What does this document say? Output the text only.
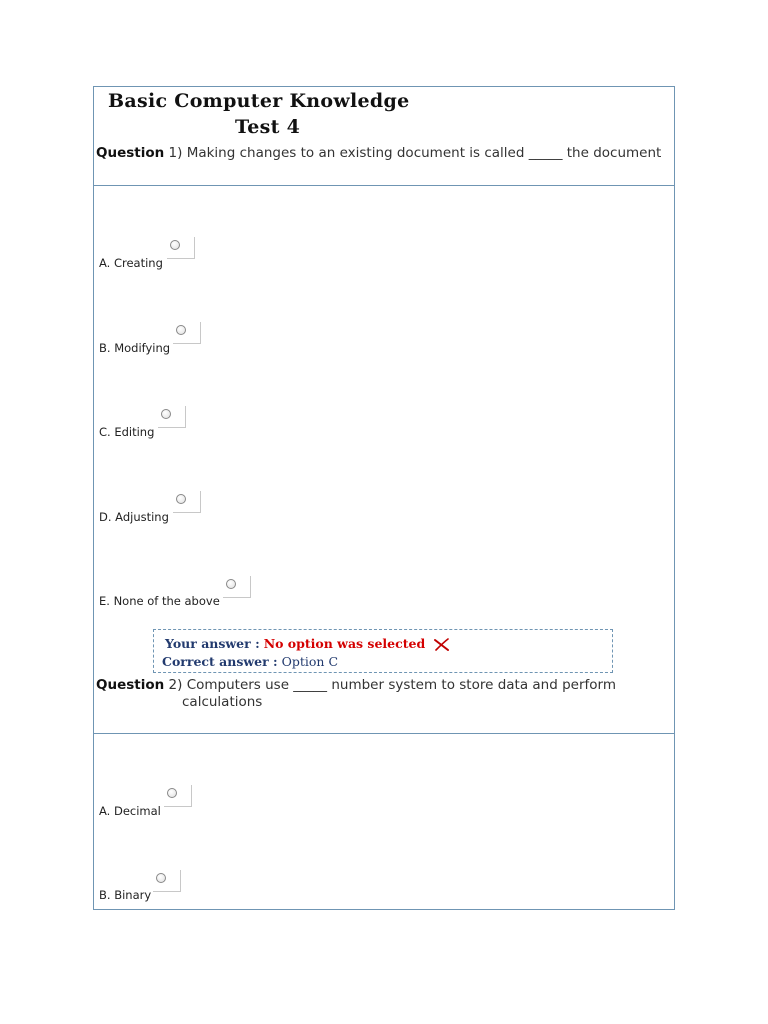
Basic Computer Knowledge
Test 4
Question 1) Making changes to an existing document is called _____ the document
A. Creating
B. Modifying
C. Editing
D. Adjusting
E. None of the above
Your answer : No option was selected
Correct answer : Option C
Question 2) Computers use _____ number system to store data and perform
calculations
A. Decimal
B. Binary
